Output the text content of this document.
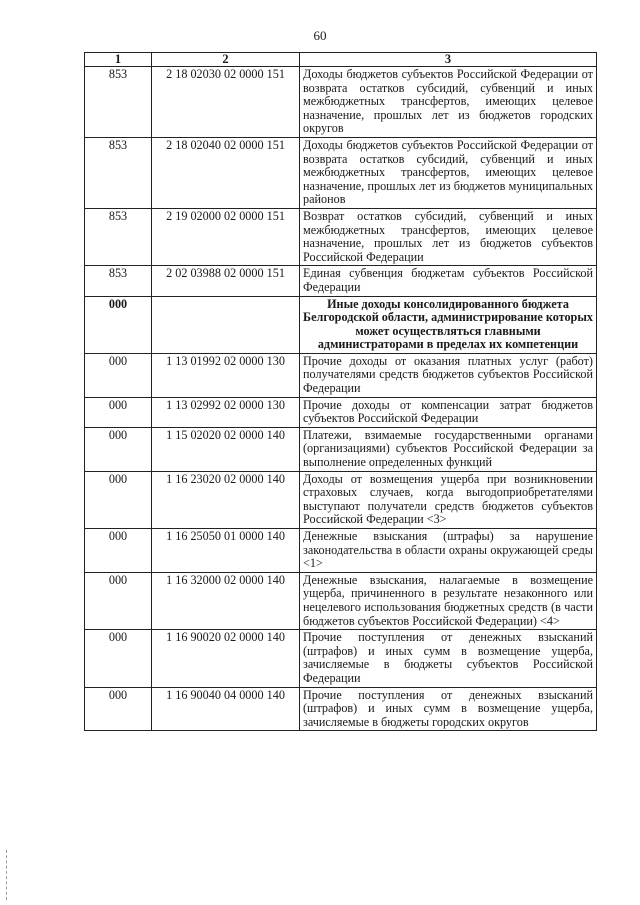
60
1	2	3
853	2 18 02030 02 0000 151	Доходы бюджетов субъектов Российской Федерации от возврата остатков субсидий, субвенций и иных межбюджетных трансфертов, имеющих целевое назначение, прошлых лет из бюджетов городских округов
853	2 18 02040 02 0000 151	Доходы бюджетов субъектов Российской Федерации от возврата остатков субсидий, субвенций и иных межбюджетных трансфертов, имеющих целевое назначение, прошлых лет из бюджетов муниципальных районов
853	2 19 02000 02 0000 151	Возврат остатков субсидий, субвенций и иных межбюджетных трансфертов, имеющих целевое назначение, прошлых лет из бюджетов субъектов Российской Федерации
853	2 02 03988 02 0000 151	Единая субвенция бюджетам субъектов Российской Федерации
000		Иные доходы консолидированного бюджета Белгородской области, администрирование которых может осуществляться главными администраторами в пределах их компетенции
000	1 13 01992 02 0000 130	Прочие доходы от оказания платных услуг (работ) получателями средств бюджетов субъектов Российской Федерации
000	1 13 02992 02 0000 130	Прочие доходы от компенсации затрат бюджетов субъектов Российской Федерации
000	1 15 02020 02 0000 140	Платежи, взимаемые государственными органами (организациями) субъектов Российской Федерации за выполнение определенных функций
000	1 16 23020 02 0000 140	Доходы от возмещения ущерба при возникновении страховых случаев, когда выгодоприобретателями выступают получатели средств бюджетов субъектов Российской Федерации <3>
000	1 16 25050 01 0000 140	Денежные взыскания (штрафы) за нарушение законодательства в области охраны окружающей среды <1>
000	1 16 32000 02 0000 140	Денежные взыскания, налагаемые в возмещение ущерба, причиненного в результате незаконного или нецелевого использования бюджетных средств (в части бюджетов субъектов Российской Федерации) <4>
000	1 16 90020 02 0000 140	Прочие поступления от денежных взысканий (штрафов) и иных сумм в возмещение ущерба, зачисляемые в бюджеты субъектов Российской Федерации
000	1 16 90040 04 0000 140	Прочие поступления от денежных взысканий (штрафов) и иных сумм в возмещение ущерба, зачисляемые в бюджеты городских округов
